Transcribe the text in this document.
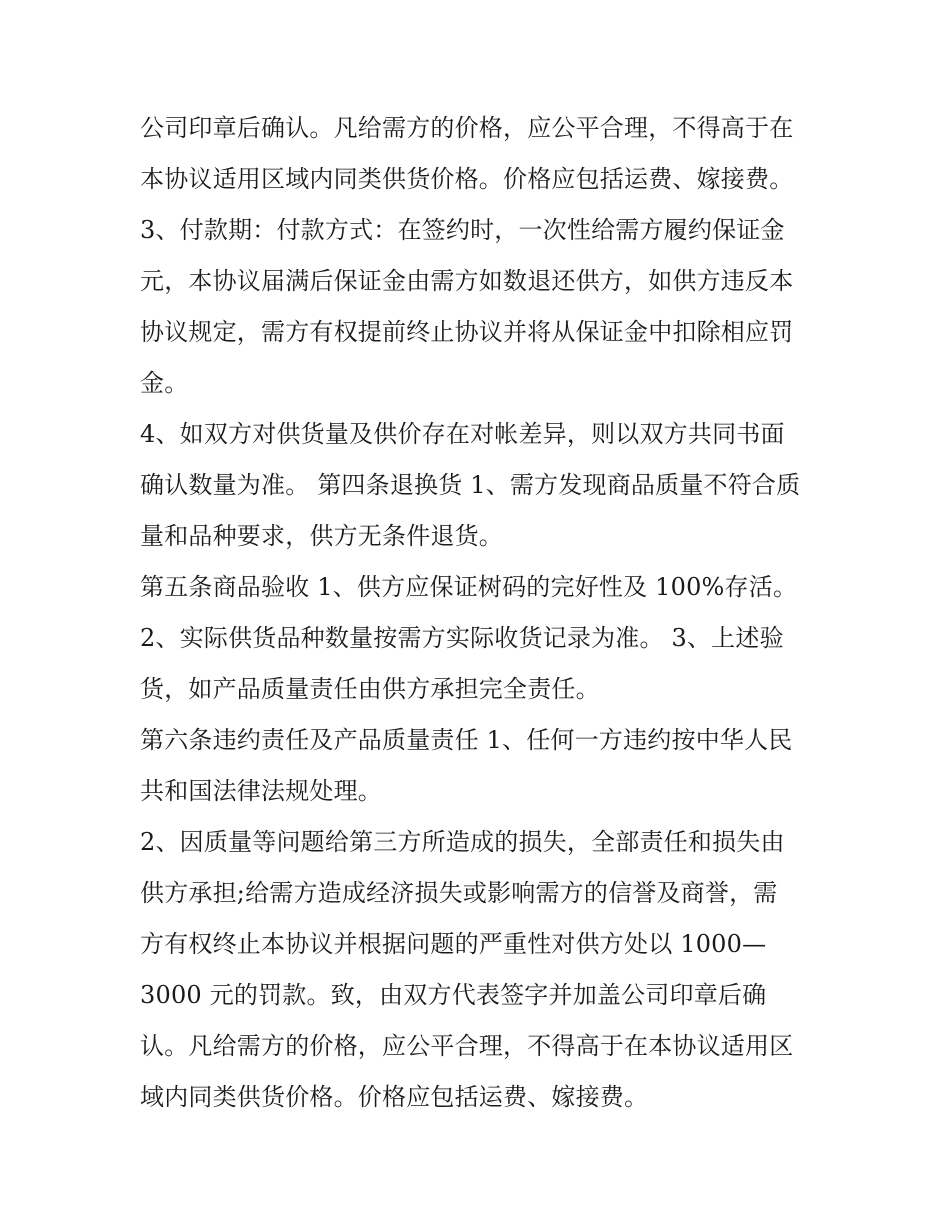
公司印章后确认。凡给需方的价格，应公平合理，不得高于在
本协议适用区域内同类供货价格。价格应包括运费、嫁接费。
3、付款期：付款方式：在签约时，一次性给需方履约保证金
元，本协议届满后保证金由需方如数退还供方，如供方违反本
协议规定，需方有权提前终止协议并将从保证金中扣除相应罚
金。
4、如双方对供货量及供价存在对帐差异，则以双方共同书面
确认数量为准。 第四条退换货 1、需方发现商品质量不符合质
量和品种要求，供方无条件退货。
第五条商品验收 1、供方应保证树码的完好性及 100%存活。
2、实际供货品种数量按需方实际收货记录为准。 3、上述验
货，如产品质量责任由供方承担完全责任。
第六条违约责任及产品质量责任 1、任何一方违约按中华人民
共和国法律法规处理。
2、因质量等问题给第三方所造成的损失，全部责任和损失由
供方承担;给需方造成经济损失或影响需方的信誉及商誉，需
方有权终止本协议并根据问题的严重性对供方处以 1000—
3000 元的罚款。致，由双方代表签字并加盖公司印章后确
认。凡给需方的价格，应公平合理，不得高于在本协议适用区
域内同类供货价格。价格应包括运费、嫁接费。
